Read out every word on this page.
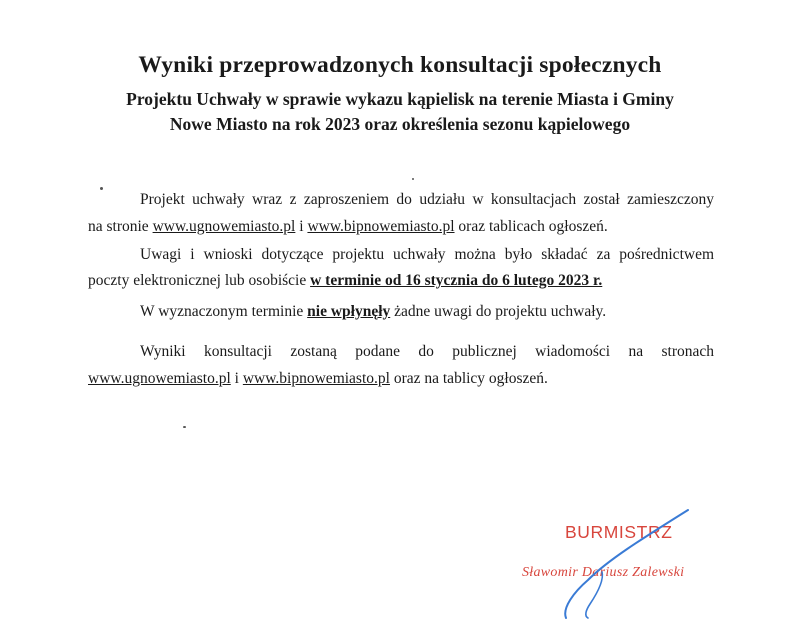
Wyniki przeprowadzonych konsultacji społecznych
Projektu Uchwały w sprawie wykazu kąpielisk na terenie Miasta i Gminy
Nowe Miasto na rok 2023 oraz określenia sezonu kąpielowego
Projekt uchwały wraz z zaproszeniem do udziału w konsultacjach został zamieszczony
na stronie www.ugnowemiasto.pl i www.bipnowemiasto.pl oraz tablicach ogłoszeń.
Uwagi i wnioski dotyczące projektu uchwały można było składać za pośrednictwem
poczty elektronicznej lub osobiście w terminie od 16 stycznia do 6 lutego 2023 r.
W wyznaczonym terminie nie wpłynęły żadne uwagi do projektu uchwały.
Wyniki konsultacji zostaną podane do publicznej wiadomości na stronach
www.ugnowemiasto.pl i www.bipnowemiasto.pl oraz na tablicy ogłoszeń.
BURMISTRZ
Sławomir Dariusz Zalewski
